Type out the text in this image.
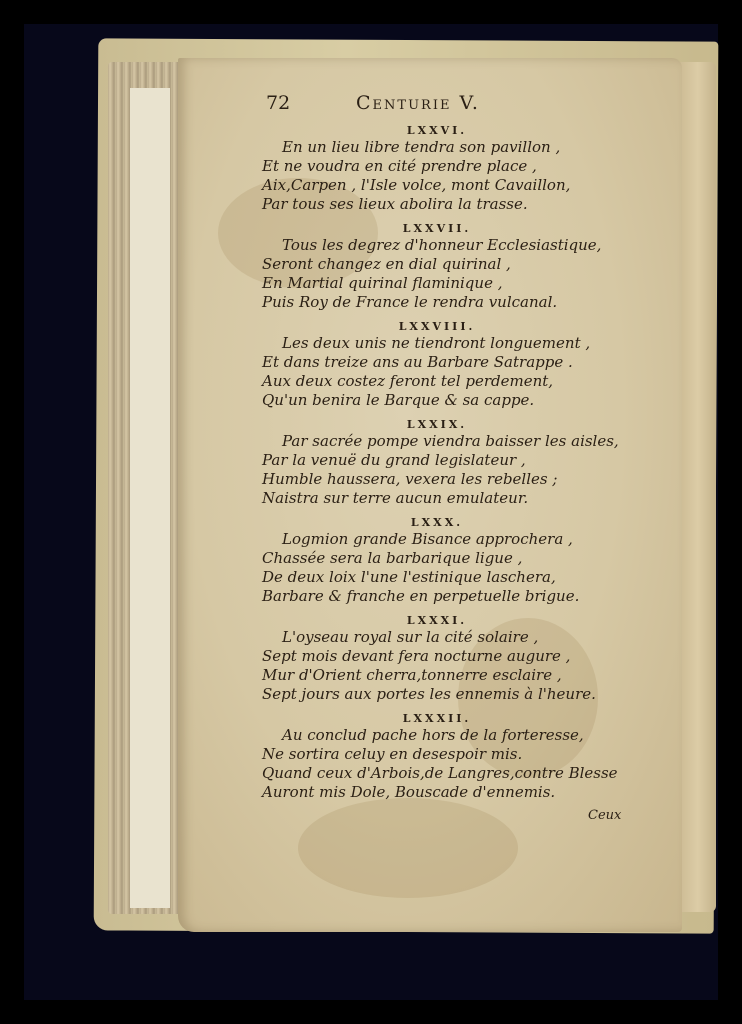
72	Centurie V.
LXXVI.
En un lieu libre tendra son pavillon ,
Et ne voudra en cité prendre place ,
Aix,Carpen , l'Isle volce, mont Cavaillon,
Par tous ses lieux abolira la trasse.
LXXVII.
Tous les degrez d'honneur Ecclesiastique,
Seront changez en dial quirinal ,
En Martial quirinal flaminique ,
Puis Roy de France le rendra vulcanal.
LXXVIII.
Les deux unis ne tiendront longuement ,
Et dans treize ans au Barbare Satrappe .
Aux deux costez feront tel perdement,
Qu'un benira le Barque & sa cappe.
LXXIX.
Par sacrée pompe viendra baisser les aisles,
Par la venuë du grand legislateur ,
Humble haussera, vexera les rebelles ;
Naistra sur terre aucun emulateur.
LXXX.
Logmion grande Bisance approchera ,
Chassée sera la barbarique ligue ,
De deux loix l'une l'estinique laschera,
Barbare & franche en perpetuelle brigue.
LXXXI.
L'oyseau royal sur la cité solaire ,
Sept mois devant fera nocturne augure ,
Mur d'Orient cherra,tonnerre esclaire ,
Sept jours aux portes les ennemis à l'heure.
LXXXII.
Au conclud pache hors de la forteresse,
Ne sortira celuy en desespoir mis.
Quand ceux d'Arbois,de Langres,contre Blesse
Auront mis Dole, Bouscade d'ennemis.
Ceux
